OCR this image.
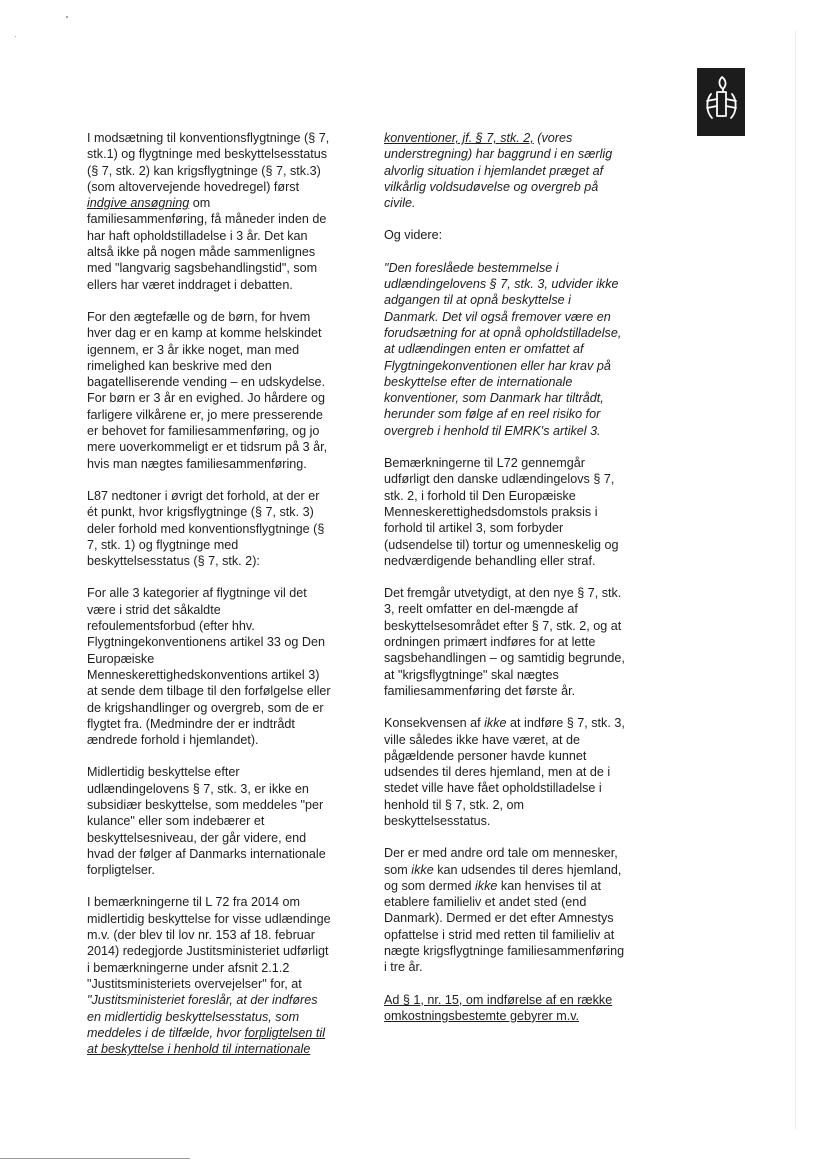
I modsætning til konventionsflygtninge (§ 7,
stk.1) og flygtninge med beskyttelsesstatus
(§ 7, stk. 2) kan krigsflygtninge (§ 7, stk.3)
(som altovervejende hovedregel) først
indgive ansøgning om
familiesammenføring, få måneder inden de
har haft opholdstilladelse i 3 år. Det kan
altså ikke på nogen måde sammenlignes
med "langvarig sagsbehandlingstid", som
ellers har været inddraget i debatten.

For den ægtefælle og de børn, for hvem
hver dag er en kamp at komme helskindet
igennem, er 3 år ikke noget, man med
rimelighed kan beskrive med den
bagatelliserende vending – en udskydelse.
For børn er 3 år en evighed. Jo hårdere og
farligere vilkårene er, jo mere presserende
er behovet for familiesammenføring, og jo
mere uoverkommeligt er et tidsrum på 3 år,
hvis man nægtes familiesammenføring.

L87 nedtoner i øvrigt det forhold, at der er
ét punkt, hvor krigsflygtninge (§ 7, stk. 3)
deler forhold med konventionsflygtninge (§
7, stk. 1) og flygtninge med
beskyttelsesstatus (§ 7, stk. 2):

For alle 3 kategorier af flygtninge vil det
være i strid det såkaldte
refoulementsforbud (efter hhv.
Flygtningekonventionens artikel 33 og Den
Europæiske
Menneskerettighedskonventions artikel 3)
at sende dem tilbage til den forfølgelse eller
de krigshandlinger og overgreb, som de er
flygtet fra. (Medmindre der er indtrådt
ændrede forhold i hjemlandet).

Midlertidig beskyttelse efter
udlændingelovens § 7, stk. 3, er ikke en
subsidiær beskyttelse, som meddeles "per
kulance" eller som indebærer et
beskyttelsesniveau, der går videre, end
hvad der følger af Danmarks internationale
forpligtelser.

I bemærkningerne til L 72 fra 2014 om
midlertidig beskyttelse for visse udlændinge
m.v. (der blev til lov nr. 153 af 18. februar
2014) redegjorde Justitsministeriet udførligt
i bemærkningerne under afsnit 2.1.2
"Justitsministeriets overvejelser" for, at
"Justitsministeriet foreslår, at der indføres
en midlertidig beskyttelsesstatus, som
meddeles i de tilfælde, hvor forpligtelsen til
at beskyttelse i henhold til internationale

konventioner, jf. § 7, stk. 2, (vores
understregning) har baggrund i en særlig
alvorlig situation i hjemlandet præget af
vilkårlig voldsudøvelse og overgreb på
civile.

Og videre:

"Den foreslåede bestemmelse i
udlændingelovens § 7, stk. 3, udvider ikke
adgangen til at opnå beskyttelse i
Danmark. Det vil også fremover være en
forudsætning for at opnå opholdstilladelse,
at udlændingen enten er omfattet af
Flygtningekonventionen eller har krav på
beskyttelse efter de internationale
konventioner, som Danmark har tiltrådt,
herunder som følge af en reel risiko for
overgreb i henhold til EMRK's artikel 3.

Bemærkningerne til L72 gennemgår
udførligt den danske udlændingelovs § 7,
stk. 2, i forhold til Den Europæiske
Menneskerettighedsdomstols praksis i
forhold til artikel 3, som forbyder
(udsendelse til) tortur og umenneskelig og
nedværdigende behandling eller straf.

Det fremgår utvetydigt, at den nye § 7, stk.
3, reelt omfatter en del-mængde af
beskyttelsesområdet efter § 7, stk. 2, og at
ordningen primært indføres for at lette
sagsbehandlingen – og samtidig begrunde,
at "krigsflygtninge" skal nægtes
familiesammenføring det første år.

Konsekvensen af ikke at indføre § 7, stk. 3,
ville således ikke have været, at de
pågældende personer havde kunnet
udsendes til deres hjemland, men at de i
stedet ville have fået opholdstilladelse i
henhold til § 7, stk. 2, om
beskyttelsesstatus.

Der er med andre ord tale om mennesker,
som ikke kan udsendes til deres hjemland,
og som dermed ikke kan henvises til at
etablere familieliv et andet sted (end
Danmark). Dermed er det efter Amnestys
opfattelse i strid med retten til familieliv at
nægte krigsflygtninge familiesammenføring
i tre år.

Ad § 1, nr. 15, om indførelse af en række
omkostningsbestemte gebyrer m.v.
